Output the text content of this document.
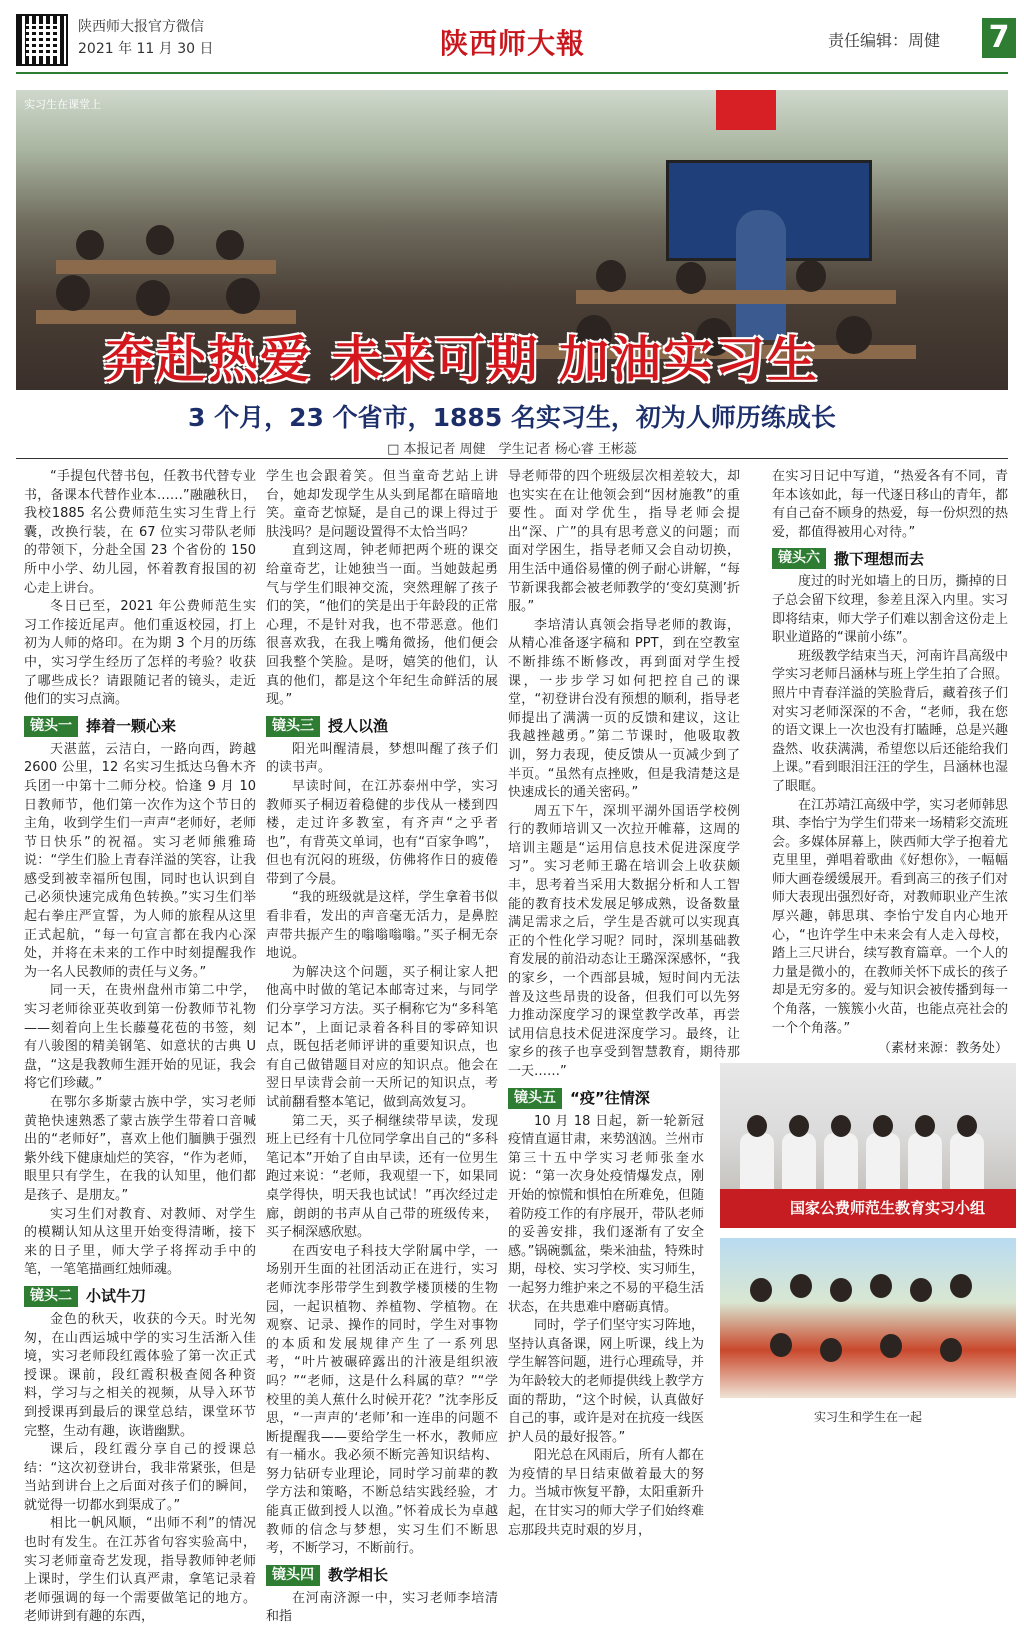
陕西师大报官方微信
2021 年 11 月 30 日	陕西师大報	责任编辑：周健 7
实习生在课堂上
奔赴热爱 未来可期 加油实习生
3 个月，23 个省市，1885 名实习生，初为人师历练成长
□ 本报记者 周健　学生记者 杨心睿 王彬蕊

“手提包代替书包，任教书代替专业书，备课本代替作业本……”融融秋日，我校1885 名公费师范生实习生背上行囊，改换行装，在 67 位实习带队老师的带领下，分赴全国 23 个省份的 150 所中小学、幼儿园，怀着教育报国的初心走上讲台。

冬日已至，2021 年公费师范生实习工作接近尾声。他们重返校园，打上初为人师的烙印。在为期 3 个月的历练中，实习学生经历了怎样的考验？收获了哪些成长？请跟随记者的镜头，走近他们的实习点滴。

镜头一 捧着一颗心来

天湛蓝，云洁白，一路向西，跨越 2600 公里，12 名实习生抵达乌鲁木齐兵团一中第十二师分校。恰逢 9 月 10 日教师节，他们第一次作为这个节日的主角，收到学生们一声声“老师好，老师节日快乐”的祝福。实习老师熊雅琦说：“学生们脸上青春洋溢的笑容，让我感受到被幸福所包围，同时也认识到自己必须快速完成角色转换。”实习生们举起右拳庄严宣誓，为人师的旅程从这里正式起航，“每一句宣言都在我内心深处，并将在未来的工作中时刻提醒我作为一名人民教师的责任与义务。”

同一天，在贵州盘州市第二中学，实习老师徐亚英收到第一份教师节礼物——刻着向上生长藤蔓花苞的书签，刻有八骏图的精美钢笔、如意状的古典 U 盘，“这是我教师生涯开始的见证，我会将它们珍藏。”

在鄂尔多斯蒙古族中学，实习老师黄艳快速熟悉了蒙古族学生带着口音喊出的“老师好”，喜欢上他们腼腆于强烈紫外线下健康灿烂的笑容，“作为老师，眼里只有学生，在我的认知里，他们都是孩子、是朋友。”

实习生们对教育、对教师、对学生的模糊认知从这里开始变得清晰，接下来的日子里，师大学子将挥动手中的笔，一笔笔描画红烛师魂。

镜头二 小试牛刀

金色的秋天，收获的今天。时光匆匆，在山西运城中学的实习生活渐入佳境，实习老师段红霞体验了第一次正式授课。课前，段红霞积极查阅各种资料，学习与之相关的视频，从导入环节到授课再到最后的课堂总结，课堂环节完整，生动有趣，诙谐幽默。

课后，段红霞分享自己的授课总结：“这次初登讲台，我非常紧张，但是当站到讲台上之后面对孩子们的瞬间，就觉得一切都水到渠成了。”

相比一帆风顺，“出师不利”的情况也时有发生。在江苏省句容实验高中，实习老师童奇艺发现，指导教师钟老师上课时，学生们认真严肃，拿笔记录着老师强调的每一个需要做笔记的地方。老师讲到有趣的东西，

学生也会跟着笑。但当童奇艺站上讲台，她却发现学生从头到尾都在暗暗地笑。童奇艺惊疑，是自己的课上得过于肤浅吗？是问题设置得不太恰当吗？

直到这周，钟老师把两个班的课交给童奇艺，让她独当一面。当她鼓起勇气与学生们眼神交流，突然理解了孩子们的笑，“他们的笑是出于年龄段的正常心理，不是针对我，也不带恶意。他们很喜欢我，在我上嘴角微扬，他们便会回我整个笑脸。是呀，嬉笑的他们，认真的他们，都是这个年纪生命鲜活的展现。”

镜头三 授人以渔

阳光叫醒清晨，梦想叫醒了孩子们的读书声。

早读时间，在江苏泰州中学，实习教师买子桐迈着稳健的步伐从一楼到四楼，走过许多教室，有齐声“之乎者也”，有背英文单词，也有“百家争鸣”，但也有沉闷的班级，仿佛将作日的疲倦带到了今晨。

“我的班级就是这样，学生拿着书似看非看，发出的声音毫无活力，是鼻腔声带共振产生的嗡嗡嗡嗡。”买子桐无奈地说。

为解决这个问题，买子桐让家人把他高中时做的笔记本邮寄过来，与同学们分享学习方法。买子桐称它为“多科笔记本”，上面记录着各科目的零碎知识点，既包括老师评讲的重要知识点，也有自己做错题目对应的知识点。他会在翌日早读背会前一天所记的知识点，考试前翻看整本笔记，做到高效复习。

第二天，买子桐继续带早读，发现班上已经有十几位同学拿出自己的“多科笔记本”开始了自由早读，还有一位男生跑过来说：“老师，我观望一下，如果同桌学得快，明天我也试试！”再次经过走廊，朗朗的书声从自己带的班级传来，买子桐深感欣慰。

在西安电子科技大学附属中学，一场别开生面的社团活动正在进行，实习老师沈李彤带学生到教学楼顶楼的生物园，一起识植物、养植物、学植物。在观察、记录、操作的同时，学生对事物的本质和发展规律产生了一系列思考，“叶片被碾碎露出的汁液是组织液吗？”“老师，这是什么科属的草？”“学校里的美人蕉什么时候开花？”沈李彤反思，“一声声的‘老师’和一连串的问题不断提醒我——要给学生一杯水，教师应有一桶水。我必须不断完善知识结构、努力钻研专业理论，同时学习前辈的教学方法和策略，不断总结实践经验，才能真正做到授人以渔。”怀着成长为卓越教师的信念与梦想，实习生们不断思考，不断学习，不断前行。

镜头四 教学相长

在河南济源一中，实习老师李培清和指

导老师带的四个班级层次相差较大，却也实实在在让他领会到“因材施教”的重要性。面对学优生，指导老师会提出“深、广”的具有思考意义的问题；而面对学困生，指导老师又会自动切换，用生活中通俗易懂的例子耐心讲解，“每节新课我都会被老师教学的‘变幻莫测’折服。”

李培清认真领会指导老师的教诲，从精心准备逐字稿和 PPT，到在空教室不断排练不断修改，再到面对学生授课，一步步学习如何把控自己的课堂，“初登讲台没有预想的顺利，指导老师提出了满满一页的反馈和建议，这让我越挫越勇。”第二节课时，他吸取教训，努力表现，使反馈从一页减少到了半页。“虽然有点挫败，但是我清楚这是快速成长的通关密码。”

周五下午，深圳平湖外国语学校例行的教师培训又一次拉开帷幕，这周的培训主题是“运用信息技术促进深度学习”。实习老师王璐在培训会上收获颇丰，思考着当采用大数据分析和人工智能的教育技术发展足够成熟，设备数量满足需求之后，学生是否就可以实现真正的个性化学习呢？同时，深圳基础教育发展的前沿动态让王璐深深感怀，“我的家乡，一个西部县城，短时间内无法普及这些昂贵的设备，但我们可以先努力推动深度学习的课堂教学改革，再尝试用信息技术促进深度学习。最终，让家乡的孩子也享受到智慧教育，期待那一天……”

镜头五 “疫”往情深

10 月 18 日起，新一轮新冠疫情直逼甘肃，来势汹汹。兰州市第三十五中学实习老师张奎水说：“第一次身处疫情爆发点，刚开始的惊慌和惧怕在所难免，但随着防疫工作的有序展开，带队老师的妥善安排，我们逐渐有了安全感。”锅碗瓢盆，柴米油盐，特殊时期，母校、实习学校、实习师生，一起努力维护来之不易的平稳生活状态，在共患难中磨砺真情。

同时，学子们坚守实习阵地，坚持认真备课，网上听课，线上为学生解答问题，进行心理疏导，并为年龄较大的老师提供线上教学方面的帮助，“这个时候，认真做好自己的事，或许是对在抗疫一线医护人员的最好报答。”

阳光总在风雨后，所有人都在为疫情的早日结束做着最大的努力。当城市恢复平静，太阳重新升起，在甘实习的师大学子们始终难忘那段共克时艰的岁月，

在实习日记中写道，“热爱各有不同，青年本该如此，每一代逐日移山的青年，都有自己奋不顾身的热爱，每一份炽烈的热爱，都值得被用心对待。”

镜头六 撒下理想而去

度过的时光如墙上的日历，撕掉的日子总会留下纹理，参差且深入内里。实习即将结束，师大学子们难以割舍这份走上职业道路的“课前小练”。

班级教学结束当天，河南许昌高级中学实习老师吕涵林与班上学生拍了合照。照片中青春洋溢的笑脸背后，藏着孩子们对实习老师深深的不舍，“老师，我在您的语文课上一次也没有打瞌睡，总是兴趣盎然、收获满满，希望您以后还能给我们上课。”看到眼泪汪汪的学生，吕涵林也湿了眼眶。

在江苏靖江高级中学，实习老师韩思琪、李怡宁为学生们带来一场精彩交流班会。多媒体屏幕上，陕西师大学子抱着尤克里里，弹唱着歌曲《好想你》，一幅幅师大画卷缓缓展开。看到高三的孩子们对师大表现出强烈好奇，对教师职业产生浓厚兴趣，韩思琪、李怡宁发自内心地开心，“也许学生中未来会有人走入母校，踏上三尺讲台，续写教育篇章。一个人的力量是微小的，在教师关怀下成长的孩子却是无穷多的。爱与知识会被传播到每一个角落，一簇簇小火苗，也能点亮社会的一个个角落。”

（素材来源：教务处）
国家公费师范生教育实习小组
实习生和学生在一起
